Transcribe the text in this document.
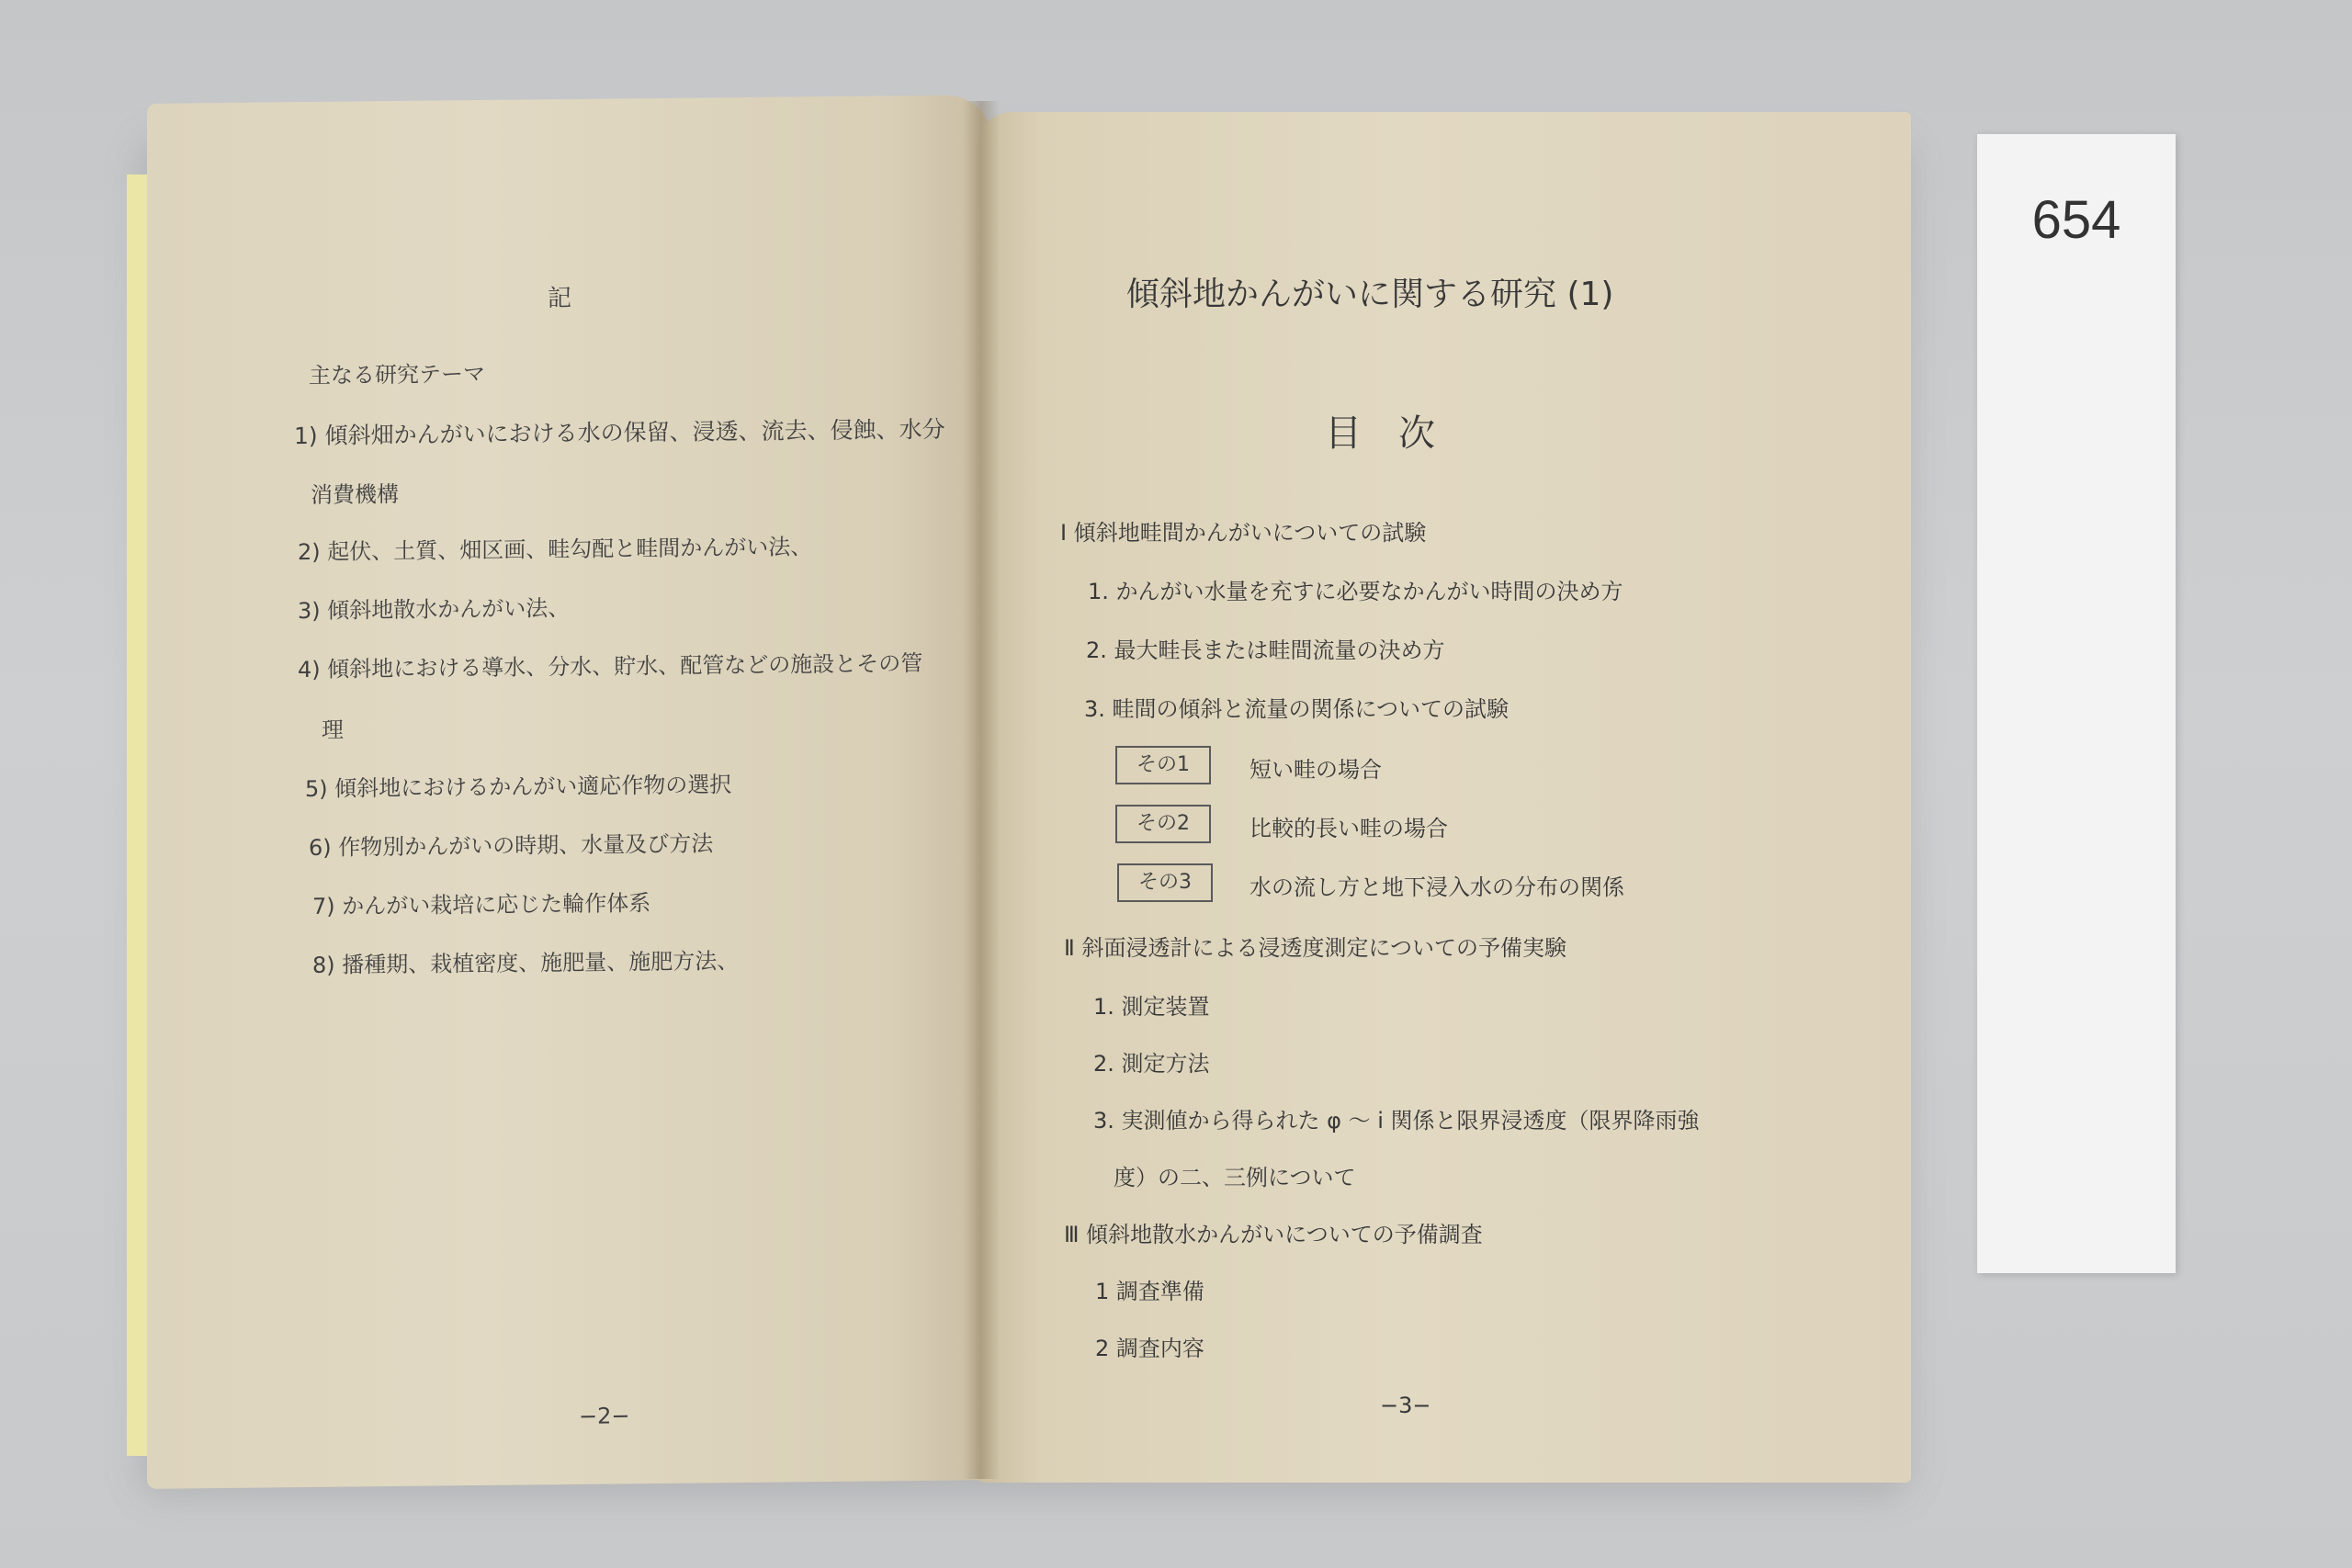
記
主なる研究テーマ
1) 傾斜畑かんがいにおける水の保留、浸透、流去、侵蝕、水分
消費機構
2) 起伏、土質、畑区画、畦勾配と畦間かんがい法、
3) 傾斜地散水かんがい法、
4) 傾斜地における導水、分水、貯水、配管などの施設とその管
理
5) 傾斜地におけるかんがい適応作物の選択
6) 作物別かんがいの時期、水量及び方法
7) かんがい栽培に応じた輪作体系
8) 播種期、栽植密度、施肥量、施肥方法、
−2−
傾斜地かんがいに関する研究 (1)
目　次
Ⅰ 傾斜地畦間かんがいについての試験
1. かんがい水量を充すに必要なかんがい時間の決め方
2. 最大畦長または畦間流量の決め方
3. 畦間の傾斜と流量の関係についての試験
その1	短い畦の場合
その2	比較的長い畦の場合
その3	水の流し方と地下浸入水の分布の関係
Ⅱ 斜面浸透計による浸透度測定についての予備実験
1. 測定装置
2. 測定方法
3. 実測値から得られた φ 〜 i 関係と限界浸透度（限界降雨強
度）の二、三例について
Ⅲ 傾斜地散水かんがいについての予備調査
1 調査準備
2 調査内容
−3−
654
